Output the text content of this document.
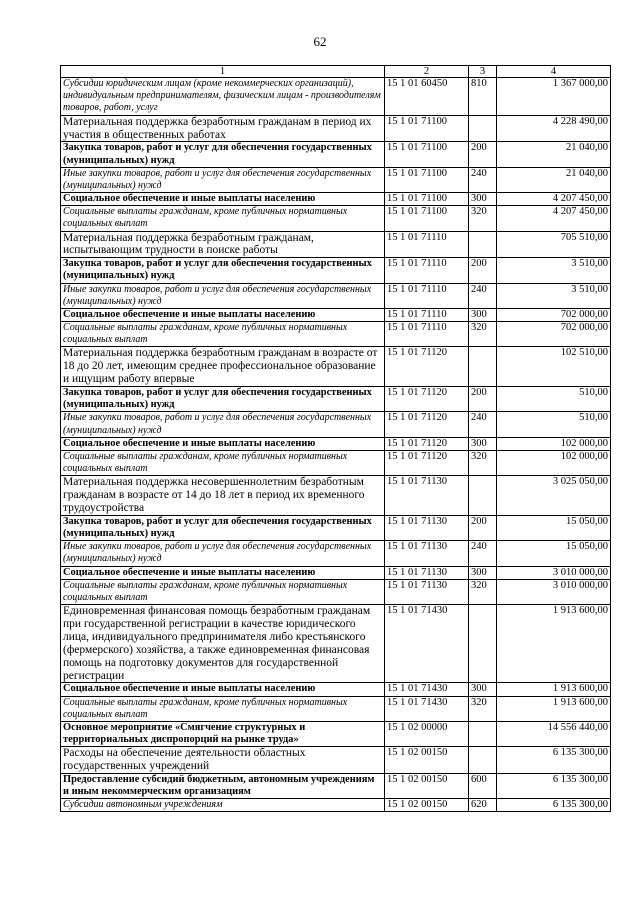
62
1	2	3	4
Субсидии юридическим лицам (кроме некоммерческих организаций), индивидуальным предпринимателям, физическим лицам - производителям товаров, работ, услуг	15 1 01 60450	810	1 367 000,00
Материальная поддержка безработным гражданам в период их участия в общественных работах	15 1 01 71100		4 228 490,00
Закупка товаров, работ и услуг для обеспечения государственных (муниципальных) нужд	15 1 01 71100	200	21 040,00
Иные закупки товаров, работ и услуг для обеспечения государственных (муниципальных) нужд	15 1 01 71100	240	21 040,00
Социальное обеспечение и иные выплаты населению	15 1 01 71100	300	4 207 450,00
Социальные выплаты гражданам, кроме публичных нормативных социальных выплат	15 1 01 71100	320	4 207 450,00
Материальная поддержка безработным гражданам, испытывающим трудности в поиске работы	15 1 01 71110		705 510,00
Закупка товаров, работ и услуг для обеспечения государственных (муниципальных) нужд	15 1 01 71110	200	3 510,00
Иные закупки товаров, работ и услуг для обеспечения государственных (муниципальных) нужд	15 1 01 71110	240	3 510,00
Социальное обеспечение и иные выплаты населению	15 1 01 71110	300	702 000,00
Социальные выплаты гражданам, кроме публичных нормативных социальных выплат	15 1 01 71110	320	702 000,00
Материальная поддержка безработным гражданам в возрасте от 18 до 20 лет, имеющим среднее профессиональное образование и ищущим работу впервые	15 1 01 71120		102 510,00
Закупка товаров, работ и услуг для обеспечения государственных (муниципальных) нужд	15 1 01 71120	200	510,00
Иные закупки товаров, работ и услуг для обеспечения государственных (муниципальных) нужд	15 1 01 71120	240	510,00
Социальное обеспечение и иные выплаты населению	15 1 01 71120	300	102 000,00
Социальные выплаты гражданам, кроме публичных нормативных социальных выплат	15 1 01 71120	320	102 000,00
Материальная поддержка несовершеннолетним безработным гражданам в возрасте от 14 до 18 лет в период их временного трудоустройства	15 1 01 71130		3 025 050,00
Закупка товаров, работ и услуг для обеспечения государственных (муниципальных) нужд	15 1 01 71130	200	15 050,00
Иные закупки товаров, работ и услуг для обеспечения государственных (муниципальных) нужд	15 1 01 71130	240	15 050,00
Социальное обеспечение и иные выплаты населению	15 1 01 71130	300	3 010 000,00
Социальные выплаты гражданам, кроме публичных нормативных социальных выплат	15 1 01 71130	320	3 010 000,00
Единовременная финансовая помощь безработным гражданам при государственной регистрации в качестве юридического лица, индивидуального предпринимателя либо крестьянского (фермерского) хозяйства, а также единовременная финансовая помощь на подготовку документов для государственной регистрации	15 1 01 71430		1 913 600,00
Социальное обеспечение и иные выплаты населению	15 1 01 71430	300	1 913 600,00
Социальные выплаты гражданам, кроме публичных нормативных социальных выплат	15 1 01 71430	320	1 913 600,00
Основное мероприятие «Смягчение структурных и территориальных диспропорций на рынке труда»	15 1 02 00000		14 556 440,00
Расходы на обеспечение деятельности областных государственных учреждений	15 1 02 00150		6 135 300,00
Предоставление субсидий бюджетным, автономным учреждениям и иным некоммерческим организациям	15 1 02 00150	600	6 135 300,00
Субсидии автономным учреждениям	15 1 02 00150	620	6 135 300,00
